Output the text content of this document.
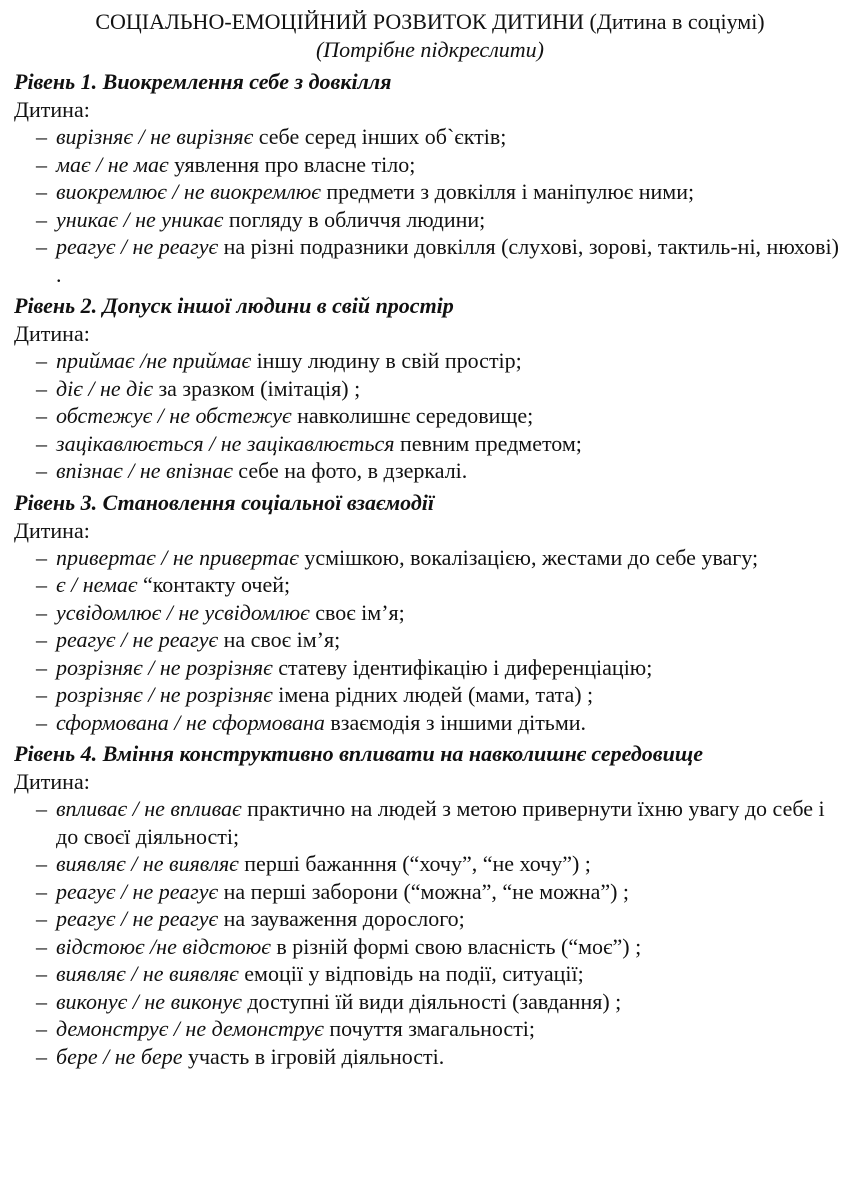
СОЦІАЛЬНО-ЕМОЦІЙНИЙ РОЗВИТОК ДИТИНИ (Дитина в соціумі)
(Потрібне підкреслити)
Рівень 1. Виокремлення себе з довкілля
Дитина:
– вирізняє / не вирізняє себе серед інших об`єктів;
– має / не має уявлення про власне тіло;
– виокремлює / не виокремлює предмети з довкілля і маніпулює ними;
– уникає / не уникає погляду в обличчя людини;
– реагує / не реагує на різні подразники довкілля (слухові, зорові, тактиль-ні, нюхові) .
Рівень 2. Допуск іншої людини в свій простір
Дитина:
– приймає /не приймає іншу людину в свій простір;
– діє / не діє за зразком (імітація) ;
– обстежує / не обстежує навколишнє середовище;
– зацікавлюється / не зацікавлюється певним предметом;
– впізнає / не впізнає себе на фото, в дзеркалі.
Рівень 3. Становлення соціальної взаємодії
Дитина:
– привертає / не привертає усмішкою, вокалізацією, жестами до себе увагу;
– є / немає “контакту очей;
– усвідомлює / не усвідомлює своє ім’я;
– реагує / не реагує на своє ім’я;
– розрізняє / не розрізняє статеву ідентифікацію і диференціацію;
– розрізняє / не розрізняє імена рідних людей (мами, тата) ;
– сформована / не сформована взаємодія з іншими дітьми.
Рівень 4. Вміння конструктивно впливати на навколишнє середовище
Дитина:
– впливає / не впливає практично на людей з метою привернути їхню увагу до себе і до своєї діяльності;
– виявляє / не виявляє перші бажанння (“хочу”, “не хочу”) ;
– реагує / не реагує на перші заборони (“можна”, “не можна”) ;
– реагує / не реагує на зауваження дорослого;
– відстоює /не відстоює в різній формі свою власність (“моє”) ;
– виявляє / не виявляє емоції у відповідь на події, ситуації;
– виконує / не виконує доступні їй види діяльності (завдання) ;
– демонструє / не демонструє почуття змагальності;
– бере / не бере участь в ігровій діяльності.
